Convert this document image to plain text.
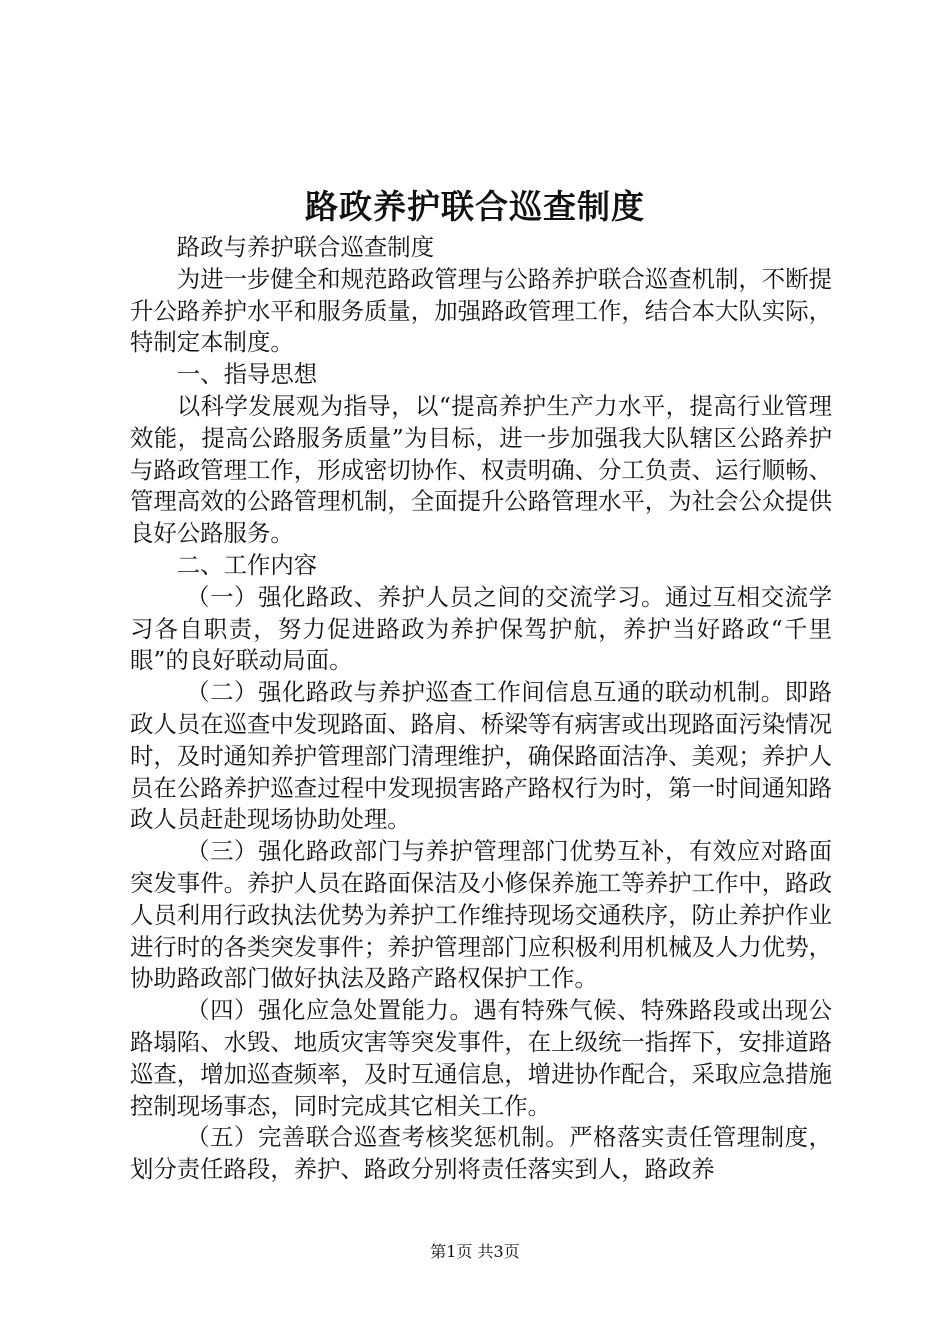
路政养护联合巡查制度

路政与养护联合巡查制度

为进一步健全和规范路政管理与公路养护联合巡查机制，不断提升公路养护水平和服务质量，加强路政管理工作，结合本大队实际，特制定本制度。

一、指导思想

以科学发展观为指导，以“提高养护生产力水平，提高行业管理效能，提高公路服务质量”为目标，进一步加强我大队辖区公路养护与路政管理工作，形成密切协作、权责明确、分工负责、运行顺畅、管理高效的公路管理机制，全面提升公路管理水平，为社会公众提供良好公路服务。

二、工作内容

（一）强化路政、养护人员之间的交流学习。通过互相交流学习各自职责，努力促进路政为养护保驾护航，养护当好路政“千里眼”的良好联动局面。

（二）强化路政与养护巡查工作间信息互通的联动机制。即路政人员在巡查中发现路面、路肩、桥梁等有病害或出现路面污染情况时，及时通知养护管理部门清理维护，确保路面洁净、美观；养护人员在公路养护巡查过程中发现损害路产路权行为时，第一时间通知路政人员赶赴现场协助处理。

（三）强化路政部门与养护管理部门优势互补，有效应对路面突发事件。养护人员在路面保洁及小修保养施工等养护工作中，路政人员利用行政执法优势为养护工作维持现场交通秩序，防止养护作业进行时的各类突发事件；养护管理部门应积极利用机械及人力优势，协助路政部门做好执法及路产路权保护工作。

（四）强化应急处置能力。遇有特殊气候、特殊路段或出现公路塌陷、水毁、地质灾害等突发事件，在上级统一指挥下，安排道路巡查，增加巡查频率，及时互通信息，增进协作配合，采取应急措施控制现场事态，同时完成其它相关工作。

（五）完善联合巡查考核奖惩机制。严格落实责任管理制度，划分责任路段，养护、路政分别将责任落实到人，路政养

第1页 共3页
